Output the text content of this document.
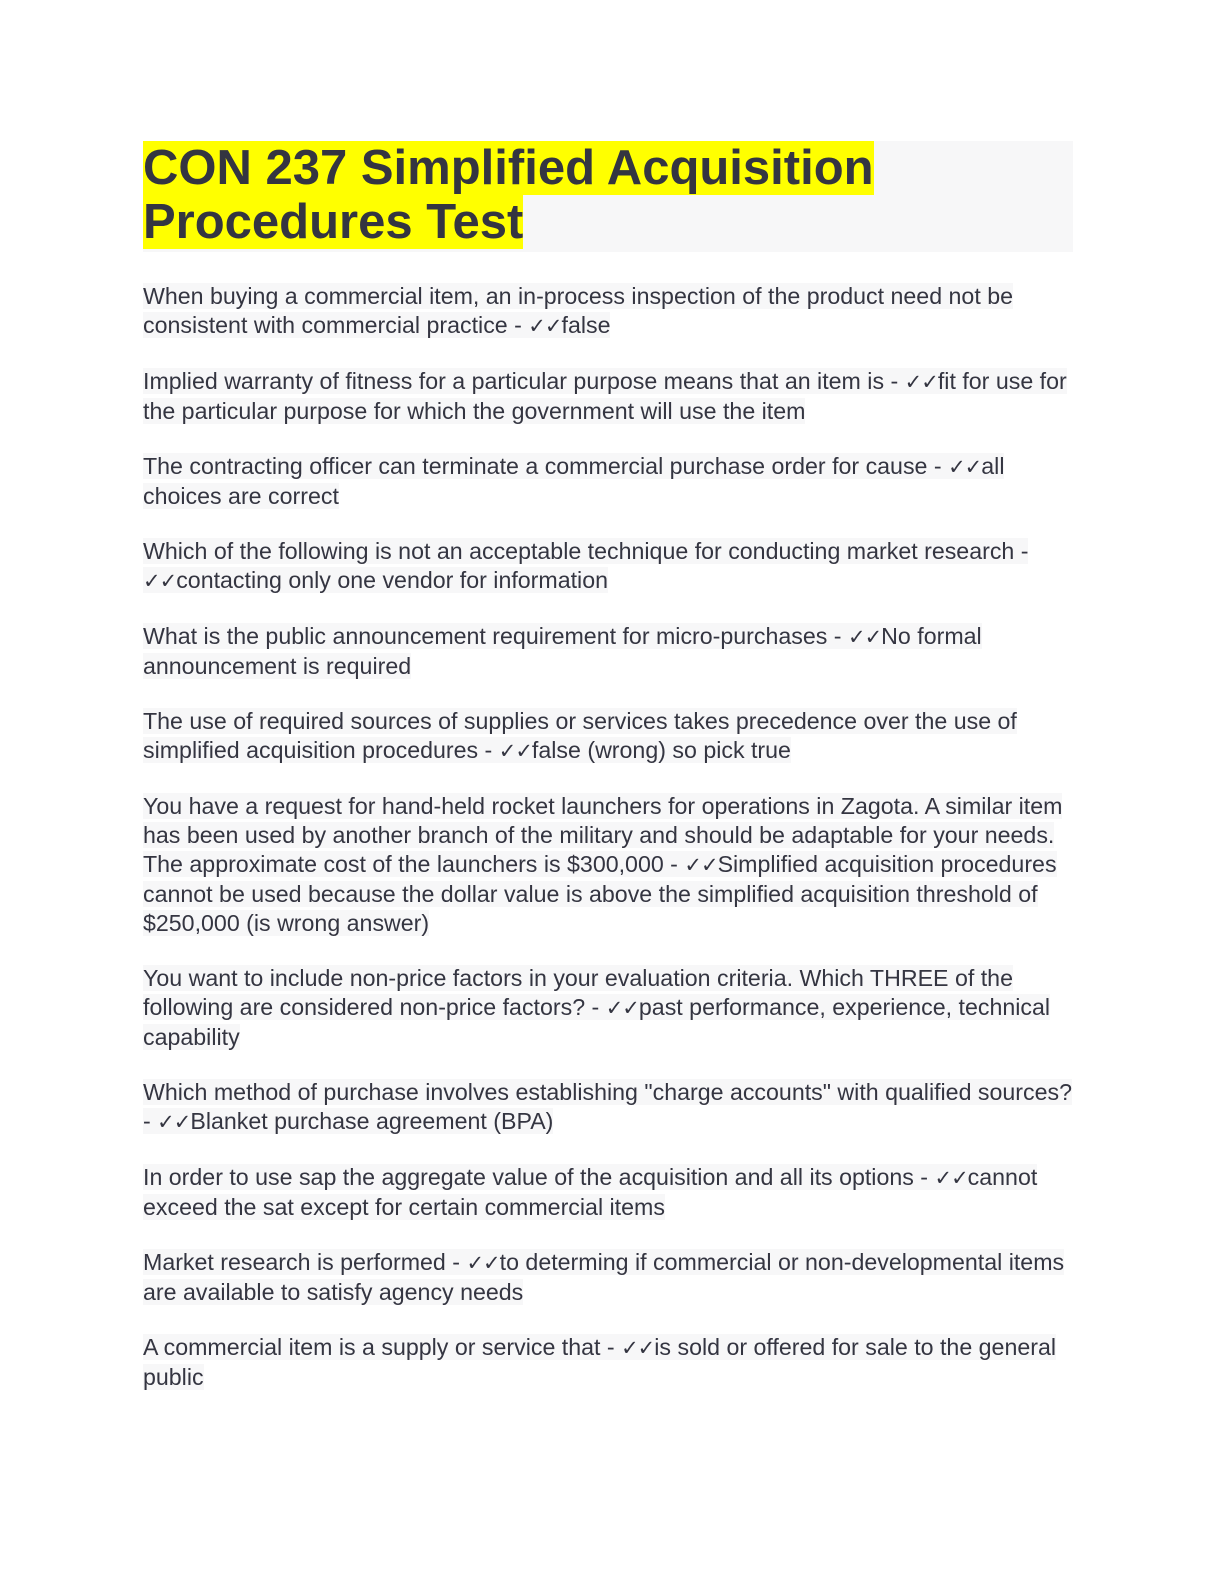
CON 237 Simplified Acquisition
Procedures Test

When buying a commercial item, an in-process inspection of the product need not be consistent with commercial practice - ✓✓false

Implied warranty of fitness for a particular purpose means that an item is - ✓✓fit for use for the particular purpose for which the government will use the item

The contracting officer can terminate a commercial purchase order for cause - ✓✓all choices are correct

Which of the following is not an acceptable technique for conducting market research - ✓✓contacting only one vendor for information

What is the public announcement requirement for micro-purchases - ✓✓No formal announcement is required

The use of required sources of supplies or services takes precedence over the use of simplified acquisition procedures - ✓✓false (wrong) so pick true

You have a request for hand-held rocket launchers for operations in Zagota. A similar item has been used by another branch of the military and should be adaptable for your needs. The approximate cost of the launchers is $300,000 - ✓✓Simplified acquisition procedures cannot be used because the dollar value is above the simplified acquisition threshold of $250,000 (is wrong answer)

You want to include non-price factors in your evaluation criteria. Which THREE of the following are considered non-price factors? - ✓✓past performance, experience, technical capability

Which method of purchase involves establishing "charge accounts" with qualified sources? - ✓✓Blanket purchase agreement (BPA)

In order to use sap the aggregate value of the acquisition and all its options - ✓✓cannot exceed the sat except for certain commercial items

Market research is performed - ✓✓to determing if commercial or non-developmental items are available to satisfy agency needs

A commercial item is a supply or service that - ✓✓is sold or offered for sale to the general public
